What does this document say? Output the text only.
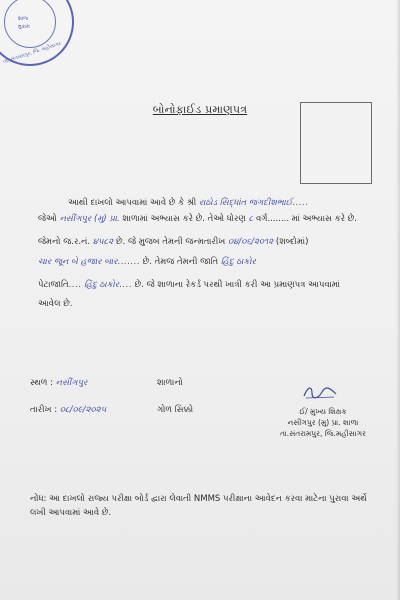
શાળા
મુકામ
તા. સંતરામપુર, જિ. મહીસાગર
બોનોફાઈડ પ્રમાણપત્ર
આથી દાખલો આપવામાં આવે છે કે શ્રી રાઠોડ સિદ્ધાંત જગદીશભાઈ.....
જેઓ નસીંગપુર (મુ) પ્રા. શાળામાં અભ્યાસ કરે છે. તેઓ ધોરણ ૮ વર્ગ........ માં અભ્યાસ કરે છે.
જેમનો જ.ર.નં. ૪૫૮૨ છે. જે મુજબ તેમની જન્મતારીખ ૦૪/૦૬/૨૦૧૨ (શબ્દોમાં)
ચાર જૂન બે હજાર બાર....... છે. તેમજ તેમની જાતિ હિંદુ ઠાકોર
પેટાજાતિ.... હિંદુ ઠાકોર.... છે. જે શાળાના રેકર્ડ પરથી ખાત્રી કરી આ પ્રમાણપત્ર આપવામાં
આવેલ છે.
સ્થળ : નસીંગપુર
તારીખ : ૦૮/૦૯/૨૦૨૫
શાળાનો
ગોળ સિક્કો	ઈ/ મુખ્ય શિક્ષક
નસીંગપુર (મુ) પ્રા. શાળા
તા.સંતરામપુર, જિ.મહીસાગર
નોંધ: આ દાખલો રાજ્ય પરીક્ષા બોર્ડ દ્વારા લેવાતી NMMS પરીક્ષાના આવેદન કરવા માટેના પુરાવા અર્થે લખી આપવામાં આવે છે.
